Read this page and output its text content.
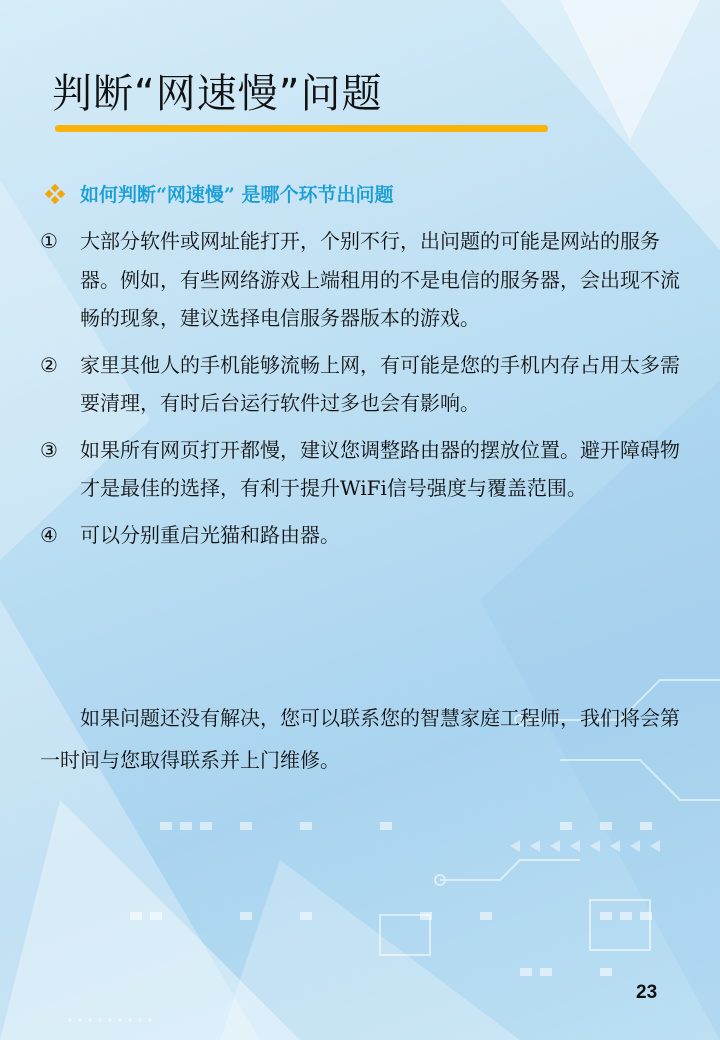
判断“网速慢”问题
如何判断“网速慢” 是哪个环节出问题
① 大部分软件或网址能打开，个别不行，出问题的可能是网站的服务器。例如，有些网络游戏上端租用的不是电信的服务器，会出现不流畅的现象，建议选择电信服务器版本的游戏。
② 家里其他人的手机能够流畅上网，有可能是您的手机内存占用太多需要清理，有时后台运行软件过多也会有影响。
③ 如果所有网页打开都慢，建议您调整路由器的摆放位置。避开障碍物才是最佳的选择，有利于提升WiFi信号强度与覆盖范围。
④ 可以分别重启光猫和路由器。

如果问题还没有解决，您可以联系您的智慧家庭工程师，我们将会第一时间与您取得联系并上门维修。

23
